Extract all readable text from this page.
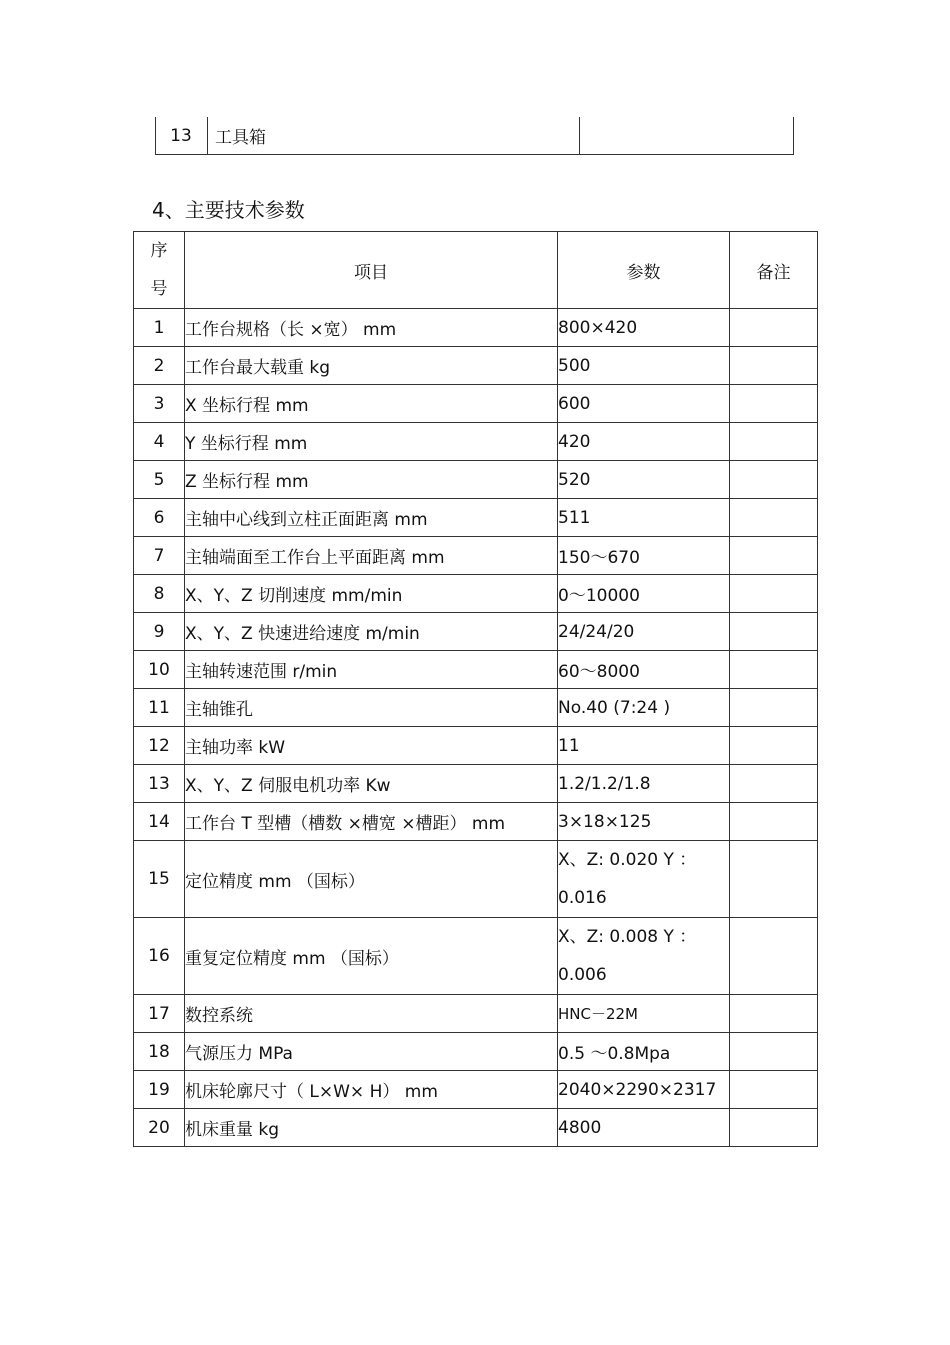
13	工具箱
4、主要技术参数
序
号	项目	参数	备注
1	工作台规格（长 ×宽） mm	800×420	
2	工作台最大载重 kg	500	
3	X 坐标行程 mm	600	
4	Y 坐标行程 mm	420	
5	Z 坐标行程 mm	520	
6	主轴中心线到立柱正面距离 mm	511	
7	主轴端面至工作台上平面距离 mm	150～670	
8	X、Y、Z 切削速度 mm/min	0～10000	
9	X、Y、Z 快速进给速度 m/min	24/24/20	
10	主轴转速范围 r/min	60～8000	
11	主轴锥孔	No.40 (7:24 )	
12	主轴功率 kW	11	
13	X、Y、Z 伺服电机功率 Kw	1.2/1.2/1.8	
14	工作台 T 型槽（槽数 ×槽宽 ×槽距） mm	3×18×125	
15	定位精度 mm （国标）	X、Z: 0.020 Y ：0.016	
16	重复定位精度 mm （国标）	X、Z: 0.008 Y ：0.006	
17	数控系统	HNC－22M	
18	气源压力 MPa	0.5 ～0.8Mpa	
19	机床轮廓尺寸（ L×W× H） mm	2040×2290×2317	
20	机床重量 kg	4800	
